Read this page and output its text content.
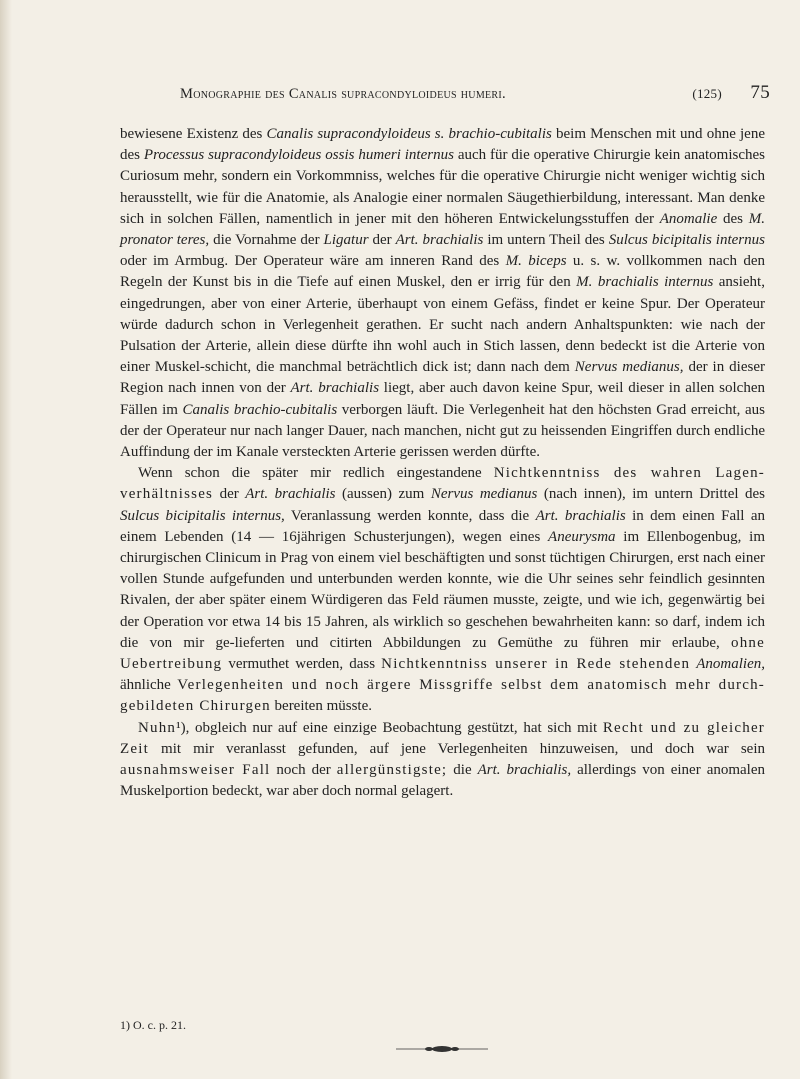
Monographie des Canalis supracondyloideus humeri.	(125) 75

bewiesene Existenz des Canalis supracondyloideus s. brachio-cubitalis beim Menschen mit und ohne jene des Processus supracondyloideus ossis humeri internus auch für die operative Chirurgie kein anatomisches Curiosum mehr, sondern ein Vorkommniss, welches für die operative Chirurgie nicht weniger wichtig sich herausstellt, wie für die Anatomie, als Analogie einer normalen Säugethierbildung, interessant. Man denke sich in solchen Fällen, namentlich in jener mit den höheren Entwickelungsstuffen der Anomalie des M. pronator teres, die Vornahme der Ligatur der Art. brachialis im untern Theil des Sulcus bicipitalis internus oder im Armbug. Der Operateur wäre am inneren Rand des M. biceps u. s. w. vollkommen nach den Regeln der Kunst bis in die Tiefe auf einen Muskel, den er irrig für den M. brachialis internus ansieht, eingedrungen, aber von einer Arterie, überhaupt von einem Gefäss, findet er keine Spur. Der Operateur würde dadurch schon in Verlegenheit gerathen. Er sucht nach andern Anhaltspunkten: wie nach der Pulsation der Arterie, allein diese dürfte ihn wohl auch in Stich lassen, denn bedeckt ist die Arterie von einer Muskel-schicht, die manchmal beträchtlich dick ist; dann nach dem Nervus medianus, der in dieser Region nach innen von der Art. brachialis liegt, aber auch davon keine Spur, weil dieser in allen solchen Fällen im Canalis brachio-cubitalis verborgen läuft. Die Verlegenheit hat den höchsten Grad erreicht, aus der der Operateur nur nach langer Dauer, nach manchen, nicht gut zu heissenden Eingriffen durch endliche Auffindung der im Kanale versteckten Arterie gerissen werden dürfte.

Wenn schon die später mir redlich eingestandene Nichtkenntniss des wahren Lagen-verhältnisses der Art. brachialis (aussen) zum Nervus medianus (nach innen), im untern Drittel des Sulcus bicipitalis internus, Veranlassung werden konnte, dass die Art. brachialis in dem einen Fall an einem Lebenden (14 — 16jährigen Schusterjungen), wegen eines Aneurysma im Ellenbogenbug, im chirurgischen Clinicum in Prag von einem viel beschäftigten und sonst tüchtigen Chirurgen, erst nach einer vollen Stunde aufgefunden und unterbunden werden konnte, wie die Uhr seines sehr feindlich gesinnten Rivalen, der aber später einem Würdigeren das Feld räumen musste, zeigte, und wie ich, gegenwärtig bei der Operation vor etwa 14 bis 15 Jahren, als wirklich so geschehen bewahrheiten kann: so darf, indem ich die von mir ge-lieferten und citirten Abbildungen zu Gemüthe zu führen mir erlaube, ohne Uebertreibung vermuthet werden, dass Nichtkenntniss unserer in Rede stehenden Anomalien, ähnliche Verlegenheiten und noch ärgere Missgriffe selbst dem anatomisch mehr durch-gebildeten Chirurgen bereiten müsste.

Nuhn¹), obgleich nur auf eine einzige Beobachtung gestützt, hat sich mit Recht und zu gleicher Zeit mit mir veranlasst gefunden, auf jene Verlegenheiten hinzuweisen, und doch war sein ausnahmsweiser Fall noch der allergünstigste; die Art. brachialis, allerdings von einer anomalen Muskelportion bedeckt, war aber doch normal gelagert.

1) O. c. p. 21.
